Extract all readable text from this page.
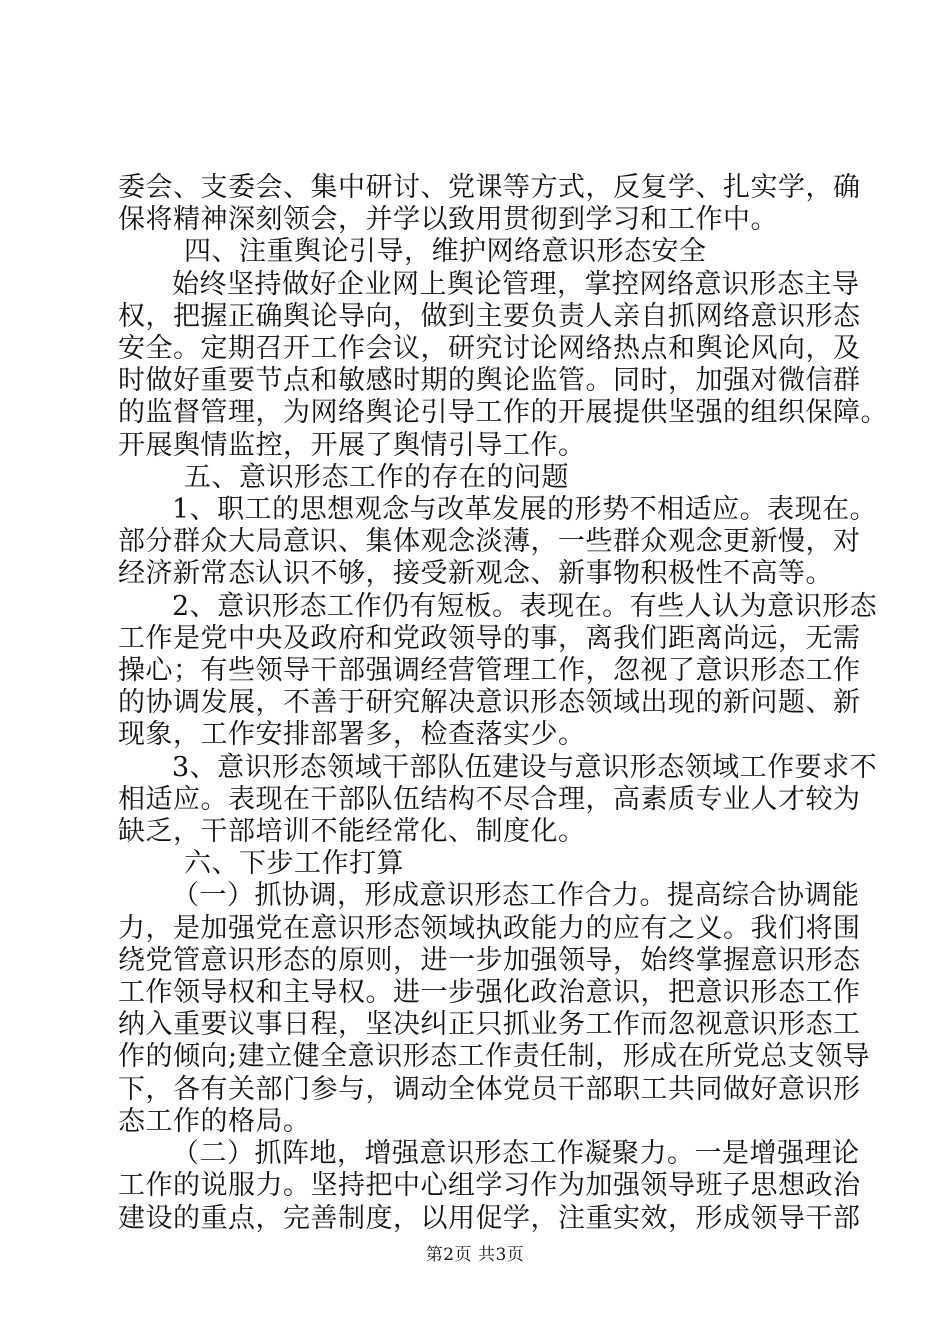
委会、支委会、集中研讨、党课等方式，反复学、扎实学，确
保将精神深刻领会，并学以致用贯彻到学习和工作中。
四、注重舆论引导，维护网络意识形态安全
始终坚持做好企业网上舆论管理，掌控网络意识形态主导
权，把握正确舆论导向，做到主要负责人亲自抓网络意识形态
安全。定期召开工作会议，研究讨论网络热点和舆论风向，及
时做好重要节点和敏感时期的舆论监管。同时，加强对微信群
的监督管理，为网络舆论引导工作的开展提供坚强的组织保障。
开展舆情监控，开展了舆情引导工作。
五、意识形态工作的存在的问题
1、职工的思想观念与改革发展的形势不相适应。表现在。
部分群众大局意识、集体观念淡薄，一些群众观念更新慢，对
经济新常态认识不够，接受新观念、新事物积极性不高等。
2、意识形态工作仍有短板。表现在。有些人认为意识形态
工作是党中央及政府和党政领导的事，离我们距离尚远，无需
操心；有些领导干部强调经营管理工作，忽视了意识形态工作
的协调发展，不善于研究解决意识形态领域出现的新问题、新
现象，工作安排部署多，检查落实少。
3、意识形态领域干部队伍建设与意识形态领域工作要求不
相适应。表现在干部队伍结构不尽合理，高素质专业人才较为
缺乏，干部培训不能经常化、制度化。
六、下步工作打算
（一）抓协调，形成意识形态工作合力。提高综合协调能
力，是加强党在意识形态领域执政能力的应有之义。我们将围
绕党管意识形态的原则，进一步加强领导，始终掌握意识形态
工作领导权和主导权。进一步强化政治意识，把意识形态工作
纳入重要议事日程，坚决纠正只抓业务工作而忽视意识形态工
作的倾向;建立健全意识形态工作责任制，形成在所党总支领导
下，各有关部门参与，调动全体党员干部职工共同做好意识形
态工作的格局。
（二）抓阵地，增强意识形态工作凝聚力。一是增强理论
工作的说服力。坚持把中心组学习作为加强领导班子思想政治
建设的重点，完善制度，以用促学，注重实效，形成领导干部
第2页 共3页
